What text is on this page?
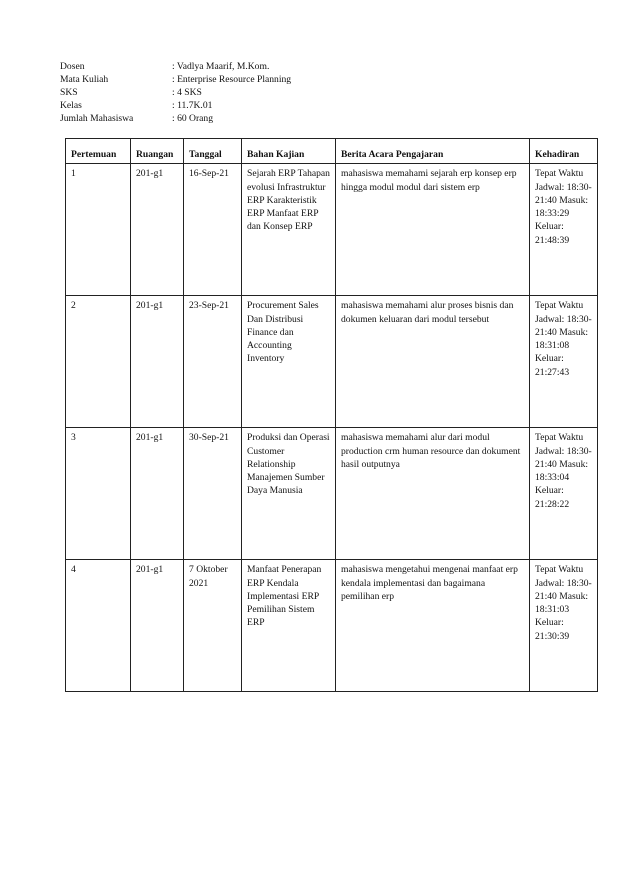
Dosen	: Vadlya Maarif, M.Kom.
Mata Kuliah	: Enterprise Resource Planning
SKS	: 4 SKS
Kelas	: 11.7K.01
Jumlah Mahasiswa	: 60 Orang
Pertemuan	Ruangan	Tanggal	Bahan Kajian	Berita Acara Pengajaran	Kehadiran
1	201-g1	16-Sep-21	Sejarah ERP Tahapan evolusi Infrastruktur ERP Karakteristik ERP Manfaat ERP dan Konsep ERP	mahasiswa memahami sejarah erp konsep erp hingga modul modul dari sistem erp	Tepat Waktu Jadwal: 18:30-21:40 Masuk: 18:33:29 Keluar: 21:48:39
2	201-g1	23-Sep-21	Procurement Sales Dan Distribusi Finance dan Accounting Inventory	mahasiswa memahami alur proses bisnis dan dokumen keluaran dari modul tersebut	Tepat Waktu Jadwal: 18:30-21:40 Masuk: 18:31:08 Keluar: 21:27:43
3	201-g1	30-Sep-21	Produksi dan Operasi Customer Relationship Manajemen Sumber Daya Manusia	mahasiswa memahami alur dari modul production crm human resource dan dokument hasil outputnya	Tepat Waktu Jadwal: 18:30-21:40 Masuk: 18:33:04 Keluar: 21:28:22
4	201-g1	7 Oktober 2021	Manfaat Penerapan ERP Kendala Implementasi ERP Pemilihan Sistem ERP	mahasiswa mengetahui mengenai manfaat erp kendala implementasi dan bagaimana pemilihan erp	Tepat Waktu Jadwal: 18:30-21:40 Masuk: 18:31:03 Keluar: 21:30:39
